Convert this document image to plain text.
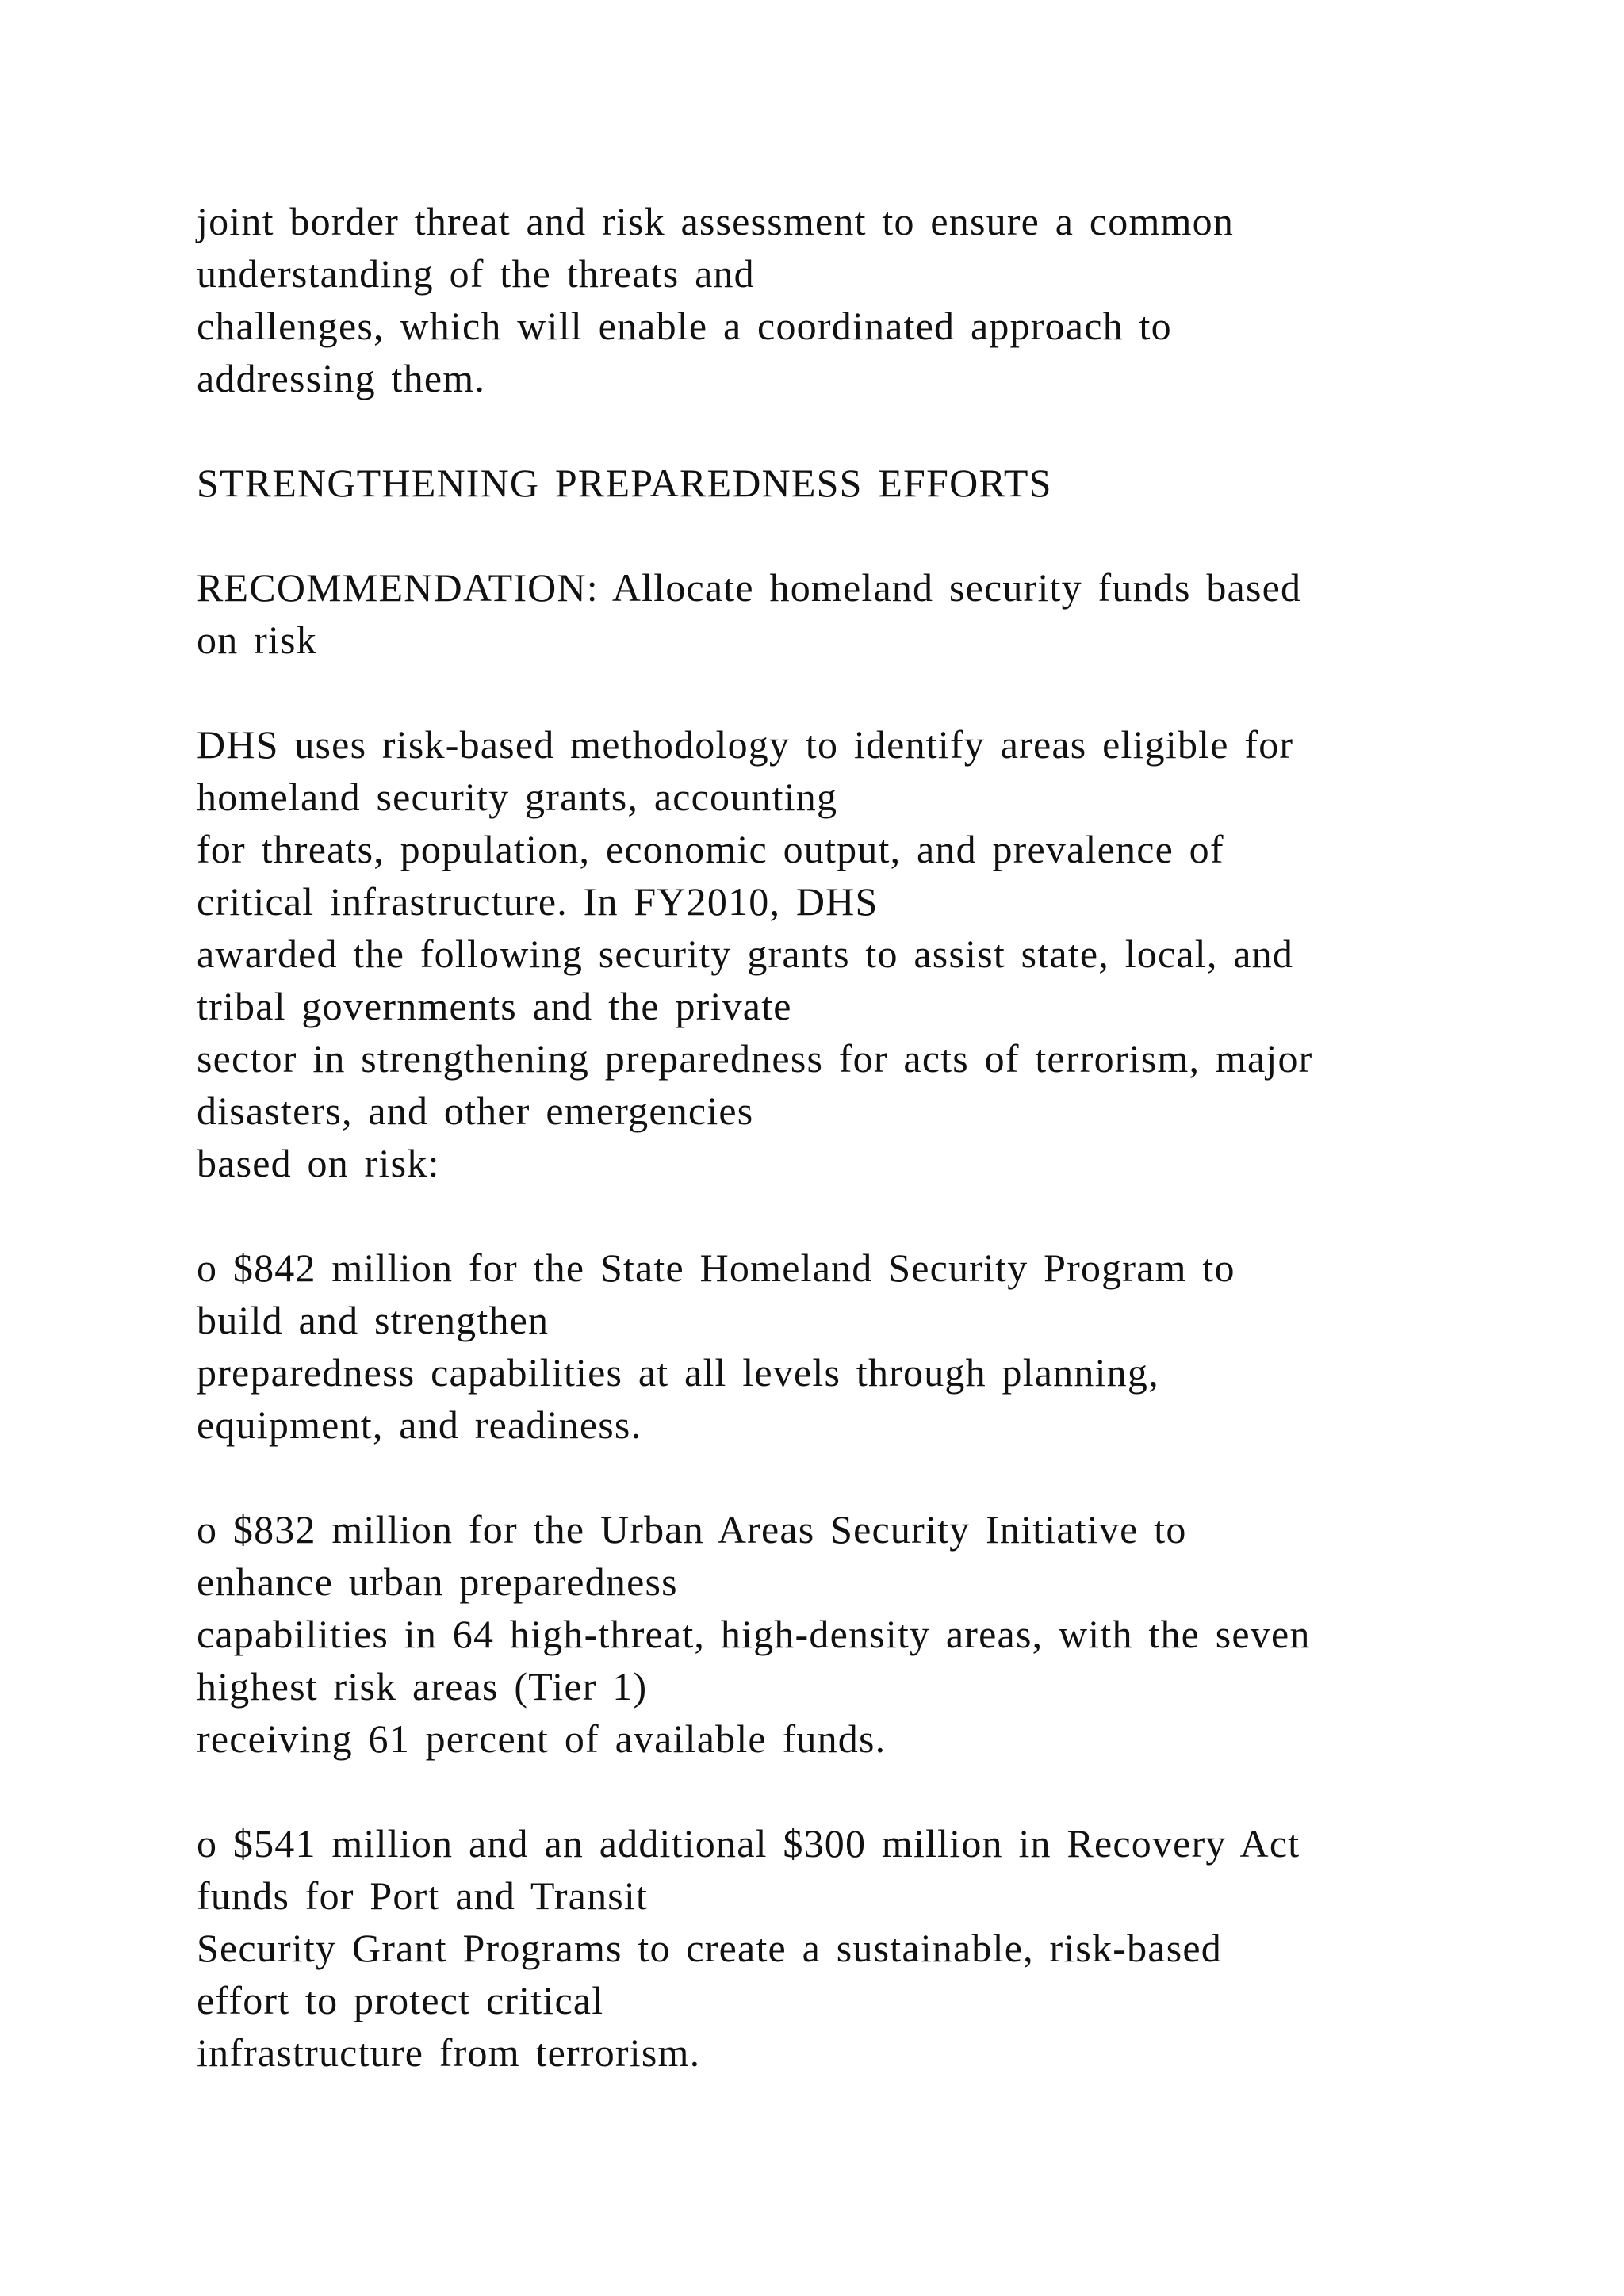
joint border threat and risk assessment to ensure a common
understanding of the threats and
challenges, which will enable a coordinated approach to
addressing them.
STRENGTHENING PREPAREDNESS EFFORTS
RECOMMENDATION: Allocate homeland security funds based
on risk
DHS uses risk-based methodology to identify areas eligible for
homeland security grants, accounting
for threats, population, economic output, and prevalence of
critical infrastructure. In FY2010, DHS
awarded the following security grants to assist state, local, and
tribal governments and the private
sector in strengthening preparedness for acts of terrorism, major
disasters, and other emergencies
based on risk:
o $842 million for the State Homeland Security Program to
build and strengthen
preparedness capabilities at all levels through planning,
equipment, and readiness.
o $832 million for the Urban Areas Security Initiative to
enhance urban preparedness
capabilities in 64 high-threat, high-density areas, with the seven
highest risk areas (Tier 1)
receiving 61 percent of available funds.
o $541 million and an additional $300 million in Recovery Act
funds for Port and Transit
Security Grant Programs to create a sustainable, risk-based
effort to protect critical
infrastructure from terrorism.
